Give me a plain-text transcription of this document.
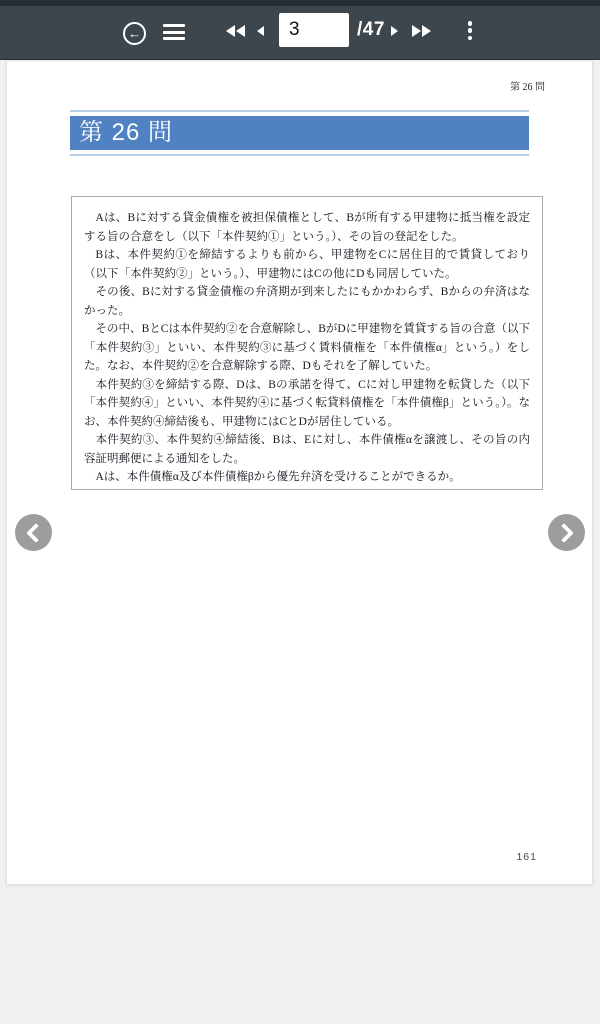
←
3	/47
第 26 問
第 26 問

Aは、Bに対する貸金債権を被担保債権として、Bが所有する甲建物に抵当権を設定する旨の合意をし（以下「本件契約①」という。）、その旨の登記をした。

Bは、本件契約①を締結するよりも前から、甲建物をCに居住目的で賃貸しており（以下「本件契約②」という。）、甲建物にはCの他にDも同居していた。

その後、Bに対する貸金債権の弁済期が到来したにもかかわらず、Bからの弁済はなかった。

その中、BとCは本件契約②を合意解除し、BがDに甲建物を賃貸する旨の合意（以下「本件契約③」といい、本件契約③に基づく賃料債権を「本件債権α」という。）をした。なお、本件契約②を合意解除する際、Dもそれを了解していた。

本件契約③を締結する際、Dは、Bの承諾を得て、Cに対し甲建物を転貸した（以下「本件契約④」といい、本件契約④に基づく転貸料債権を「本件債権β」という。）。なお、本件契約④締結後も、甲建物にはCとDが居住している。

本件契約③、本件契約④締結後、Bは、Eに対し、本件債権αを譲渡し、その旨の内容証明郵便による通知をした。

Aは、本件債権α及び本件債権βから優先弁済を受けることができるか。

161
